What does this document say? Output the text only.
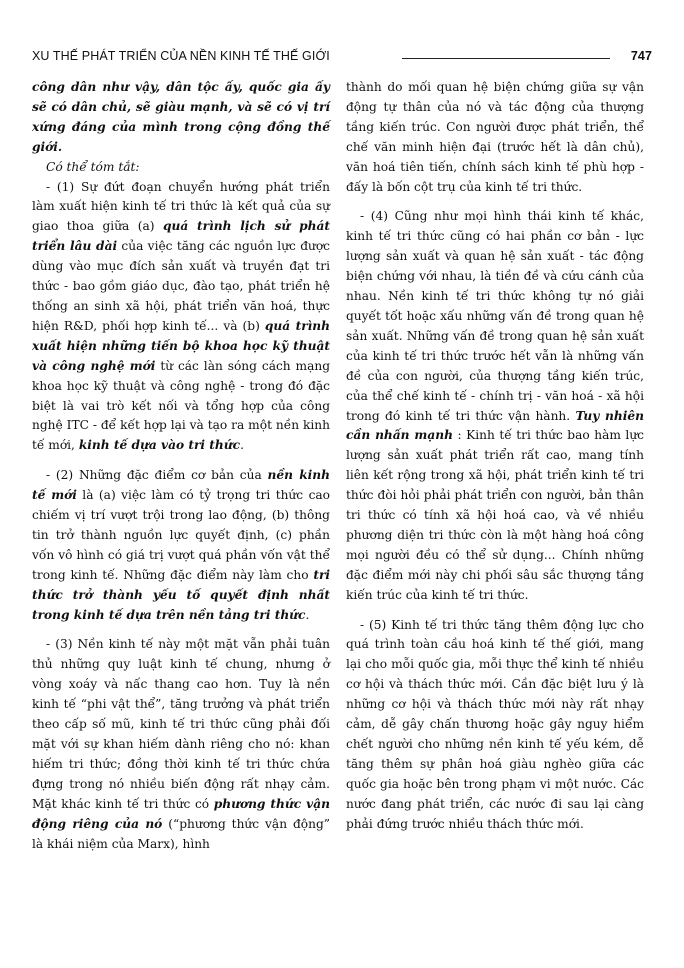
XU THẾ PHÁT TRIỂN CỦA NỀN KINH TẾ THẾ GIỚI	747

công dân như vậy, dân tộc ấy, quốc gia ấy sẽ có dân chủ, sẽ giàu mạnh, và sẽ có vị trí xứng đáng của mình trong cộng đồng thế giới.

Có thể tóm tắt:

- (1) Sự đứt đoạn chuyển hướng phát triển làm xuất hiện kinh tế tri thức là kết quả của sự giao thoa giữa (a) quá trình lịch sử phát triển lâu dài của việc tăng các nguồn lực được dùng vào mục đích sản xuất và truyền đạt tri thức - bao gồm giáo dục, đào tạo, phát triển hệ thống an sinh xã hội, phát triển văn hoá, thực hiện R&D, phối hợp kinh tế... và (b) quá trình xuất hiện những tiến bộ khoa học kỹ thuật và công nghệ mới từ các làn sóng cách mạng khoa học kỹ thuật và công nghệ - trong đó đặc biệt là vai trò kết nối và tổng hợp của công nghệ ITC - để kết hợp lại và tạo ra một nền kinh tế mới, kinh tế dựa vào tri thức.

- (2) Những đặc điểm cơ bản của nền kinh tế mới là (a) việc làm có tỷ trọng tri thức cao chiếm vị trí vượt trội trong lao động, (b) thông tin trở thành nguồn lực quyết định, (c) phần vốn vô hình có giá trị vượt quá phần vốn vật thể trong kinh tế. Những đặc điểm này làm cho tri thức trở thành yếu tố quyết định nhất trong kinh tế dựa trên nền tảng tri thức.

- (3) Nền kinh tế này một mặt vẫn phải tuân thủ những quy luật kinh tế chung, nhưng ở vòng xoáy và nấc thang cao hơn. Tuy là nền kinh tế “phi vật thể”, tăng trưởng và phát triển theo cấp số mũ, kinh tế tri thức cũng phải đối mặt với sự khan hiếm dành riêng cho nó: khan hiếm tri thức; đồng thời kinh tế tri thức chứa đựng trong nó nhiều biến động rất nhạy cảm. Mặt khác kinh tế tri thức có phương thức vận động riêng của nó (“phương thức vận động” là khái niệm của Marx), hình

thành do mối quan hệ biện chứng giữa sự vận động tự thân của nó và tác động của thượng tầng kiến trúc. Con người được phát triển, thể chế văn minh hiện đại (trước hết là dân chủ), văn hoá tiên tiến, chính sách kinh tế phù hợp - đấy là bốn cột trụ của kinh tế tri thức.

- (4) Cũng như mọi hình thái kinh tế khác, kinh tế tri thức cũng có hai phần cơ bản - lực lượng sản xuất và quan hệ sản xuất - tác động biện chứng với nhau, là tiền đề và cứu cánh của nhau. Nền kinh tế tri thức không tự nó giải quyết tốt hoặc xấu những vấn đề trong quan hệ sản xuất. Những vấn đề trong quan hệ sản xuất của kinh tế tri thức trước hết vẫn là những vấn đề của con người, của thượng tầng kiến trúc, của thể chế kinh tế - chính trị - văn hoá - xã hội trong đó kinh tế tri thức vận hành. Tuy nhiên cần nhấn mạnh : Kinh tế tri thức bao hàm lực lượng sản xuất phát triển rất cao, mang tính liên kết rộng trong xã hội, phát triển kinh tế tri thức đòi hỏi phải phát triển con người, bản thân tri thức có tính xã hội hoá cao, và về nhiều phương diện tri thức còn là một hàng hoá công mọi người đều có thể sử dụng... Chính những đặc điểm mới này chi phối sâu sắc thượng tầng kiến trúc của kinh tế tri thức.

- (5) Kinh tế tri thức tăng thêm động lực cho quá trình toàn cầu hoá kinh tế thế giới, mang lại cho mỗi quốc gia, mỗi thực thể kinh tế nhiều cơ hội và thách thức mới. Cần đặc biệt lưu ý là những cơ hội và thách thức mới này rất nhạy cảm, dễ gây chấn thương hoặc gây nguy hiểm chết người cho những nền kinh tế yếu kém, dễ tăng thêm sự phân hoá giàu nghèo giữa các quốc gia hoặc bên trong phạm vi một nước. Các nước đang phát triển, các nước đi sau lại càng phải đứng trước nhiều thách thức mới.
